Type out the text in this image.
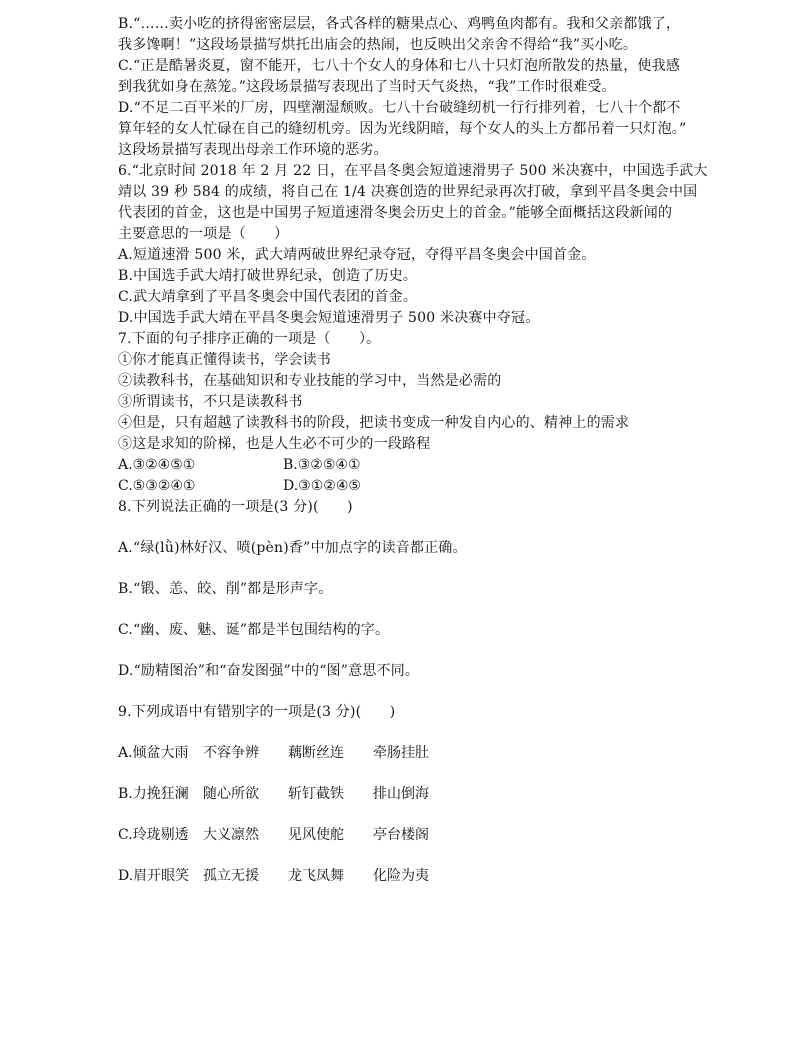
B.“……卖小吃的挤得密密层层，各式各样的糖果点心、鸡鸭鱼肉都有。我和父亲都饿了，
我多馋啊！”这段场景描写烘托出庙会的热闹，也反映出父亲舍不得给“我”买小吃。
C.“正是酷暑炎夏，窗不能开，七八十个女人的身体和七八十只灯泡所散发的热量，使我感
到我犹如身在蒸笼。”这段场景描写表现出了当时天气炎热，“我”工作时很难受。
D.“不足二百平米的厂房，四壁潮湿颓败。七八十台破缝纫机一行行排列着，七八十个都不
算年轻的女人忙碌在自己的缝纫机旁。因为光线阴暗，每个女人的头上方都吊着一只灯泡。”
这段场景描写表现出母亲工作环境的恶劣。
6.“北京时间 2018 年 2 月 22 日，在平昌冬奥会短道速滑男子 500 米决赛中，中国选手武大
靖以 39 秒 584 的成绩，将自己在 1/4 决赛创造的世界纪录再次打破，拿到平昌冬奥会中国
代表团的首金，这也是中国男子短道速滑冬奥会历史上的首金。”能够全面概括这段新闻的
主要意思的一项是（　　）
A.短道速滑 500 米，武大靖两破世界纪录夺冠，夺得平昌冬奥会中国首金。
B.中国选手武大靖打破世界纪录，创造了历史。
C.武大靖拿到了平昌冬奥会中国代表团的首金。
D.中国选手武大靖在平昌冬奥会短道速滑男子 500 米决赛中夺冠。
7.下面的句子排序正确的一项是（　　）。
①你才能真正懂得读书，学会读书
②读教科书，在基础知识和专业技能的学习中，当然是必需的
③所谓读书，不只是读教科书
④但是，只有超越了读教科书的阶段，把读书变成一种发自内心的、精神上的需求
⑤这是求知的阶梯，也是人生必不可少的一段路程
A.③②④⑤①	B.③②⑤④①
C.⑤③②④①	D.③①②④⑤
8.下列说法正确的一项是(3 分)(　　)
A.“绿(lǜ)林好汉、喷(pèn)香”中加点字的读音都正确。
B.“锻、恙、皎、削”都是形声字。
C.“幽、废、魅、诞”都是半包围结构的字。
D.“励精图治”和“奋发图强”中的“图”意思不同。
9.下列成语中有错别字的一项是(3 分)(　　)
A.倾盆大雨	不容争辨	藕断丝连	牵肠挂肚
B.力挽狂澜	随心所欲	斩钉截铁	排山倒海
C.玲珑剔透	大义凛然	见风使舵	亭台楼阁
D.眉开眼笑 孤立无援	龙飞凤舞	化险为夷
